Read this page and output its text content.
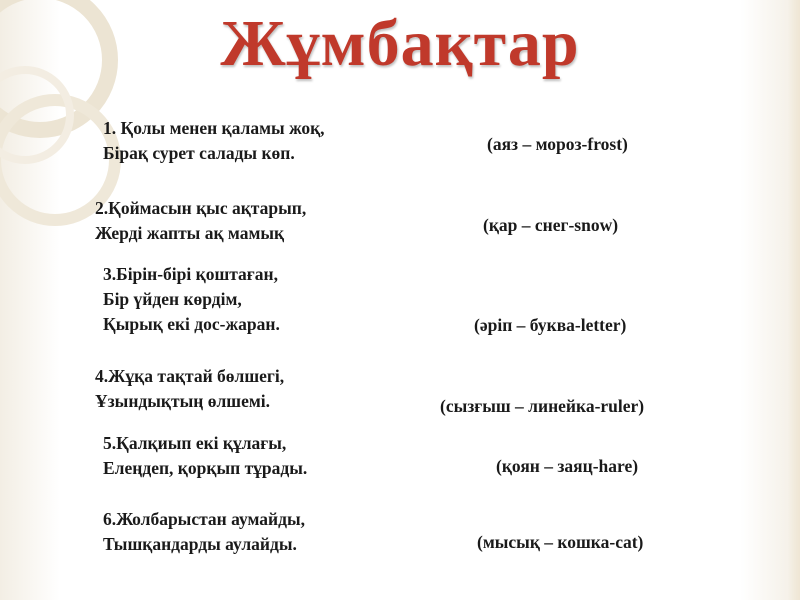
Жұмбақтар
1. Қолы менен қаламы жоқ,
Бірақ сурет салады көп.	(аяз – мороз-frost)
2.Қоймасын қыс ақтарып,
Жерді жапты ақ мамық	(қар – снег-snow)
3.Бірін-бірі қоштаған,
Бір үйден көрдім,
Қырық екі дос-жаран.	(әріп – буква-letter)
4.Жұқа тақтай бөлшегі,
Ұзындықтың өлшемі.	(сызғыш – линейка-ruler)
5.Қалқиып екі құлағы,
Елеңдеп, қорқып тұрады.	(қоян – заяц-hare)
6.Жолбарыстан аумайды,
Тышқандарды аулайды.	(мысық – кошка-cat)
